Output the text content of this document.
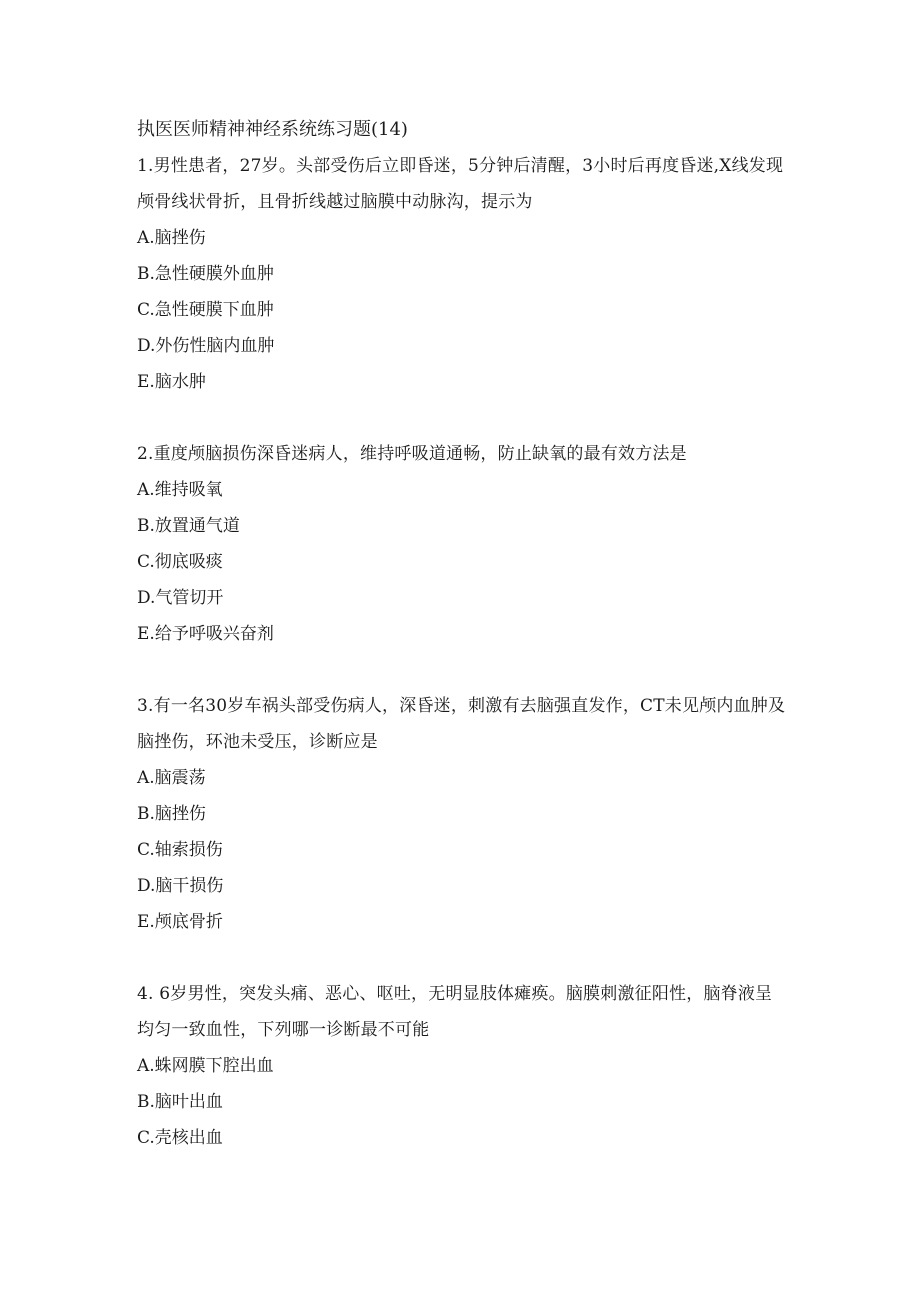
执医医师精神神经系统练习题(14)
1.男性患者，27岁。头部受伤后立即昏迷，5分钟后清醒，3小时后再度昏迷,X线发现颅骨线状骨折，且骨折线越过脑膜中动脉沟，提示为
A.脑挫伤
B.急性硬膜外血肿
C.急性硬膜下血肿
D.外伤性脑内血肿
E.脑水肿
2.重度颅脑损伤深昏迷病人，维持呼吸道通畅，防止缺氧的最有效方法是
A.维持吸氧
B.放置通气道
C.彻底吸痰
D.气管切开
E.给予呼吸兴奋剂
3.有一名30岁车祸头部受伤病人，深昏迷，刺激有去脑强直发作，CT未见颅内血肿及脑挫伤，环池未受压，诊断应是
A.脑震荡
B.脑挫伤
C.轴索损伤
D.脑干损伤
E.颅底骨折
4. 6岁男性，突发头痛、恶心、呕吐，无明显肢体瘫痪。脑膜刺激征阳性，脑脊液呈均匀一致血性，下列哪一诊断最不可能
A.蛛网膜下腔出血
B.脑叶出血
C.壳核出血
